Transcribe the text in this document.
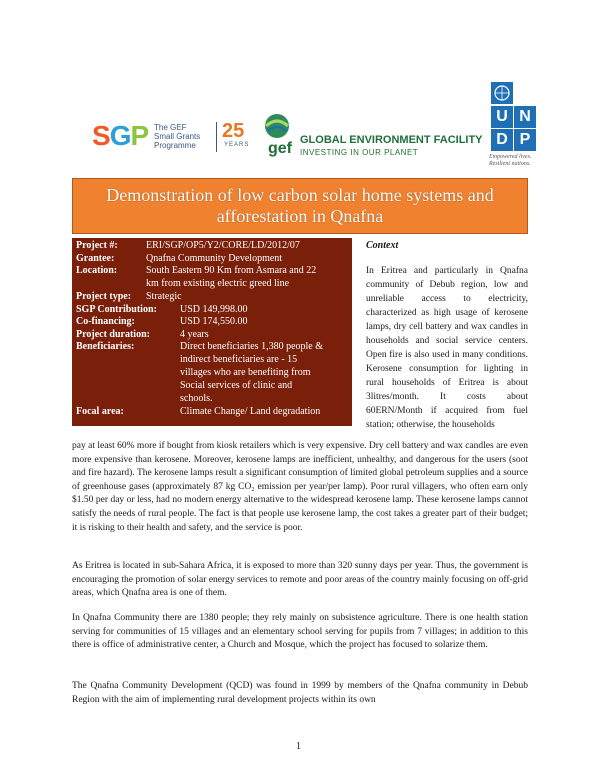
SGP The GEF
Small Grants
Programme
25
YEARS gef GLOBAL ENVIRONMENT FACILITY
INVESTING IN OUR PLANET
U N
D P
Empowered lives. Resilient nations.
Demonstration of low carbon solar home systems and afforestation in Qnafna
Project #:	ERI/SGP/OP5/Y2/CORE/LD/2012/07
Grantee:	Qnafna Community Development
Location:	South Eastern 90 Km from Asmara and 22
km from existing electric greed line
Project type: Strategic
SGP Contribution: USD 149,998.00
Co-financing:	USD 174,550.00
Project duration:	4 years
Beneficiaries:	Direct beneficiaries 1,380 people &
indirect beneficiaries are - 15
villages who are benefiting from
Social services of clinic and
schools.
Focal area:	Climate Change/ Land degradation
Context
In Eritrea and particularly in Qnafna community of Debub region, low and unreliable access to electricity, characterized as high usage of kerosene lamps, dry cell battery and wax candles in households and social service centers. Open fire is also used in many conditions. Kerosene consumption for lighting in rural households of Eritrea is about 3litres/month. It costs about 60ERN/Month if acquired from fuel station; otherwise, the households

pay at least 60% more if bought from kiosk retailers which is very expensive. Dry cell battery and wax candles are even more expensive than kerosene. Moreover, kerosene lamps are inefficient, unhealthy, and dangerous for the users (soot and fire hazard). The kerosene lamps result a significant consumption of limited global petroleum supplies and a source of greenhouse gases (approximately 87 kg CO₂ emission per year/per lamp). Poor rural villagers, who often earn only $1.50 per day or less, had no modern energy alternative to the widespread kerosene lamp. These kerosene lamps cannot satisfy the needs of rural people. The fact is that people use kerosene lamp, the cost takes a greater part of their budget; it is risking to their health and safety, and the service is poor.

As Eritrea is located in sub-Sahara Africa, it is exposed to more than 320 sunny days per year. Thus, the government is encouraging the promotion of solar energy services to remote and poor areas of the country mainly focusing on off-grid areas, which Qnafna area is one of them.

In Qnafna Community there are 1380 people; they rely mainly on subsistence agriculture. There is one health station serving for communities of 15 villages and an elementary school serving for pupils from 7 villages; in addition to this there is office of administrative center, a Church and Mosque, which the project has focused to solarize them.

The Qnafna Community Development (QCD) was found in 1999 by members of the Qnafna community in Debub Region with the aim of implementing rural development projects within its own

1
